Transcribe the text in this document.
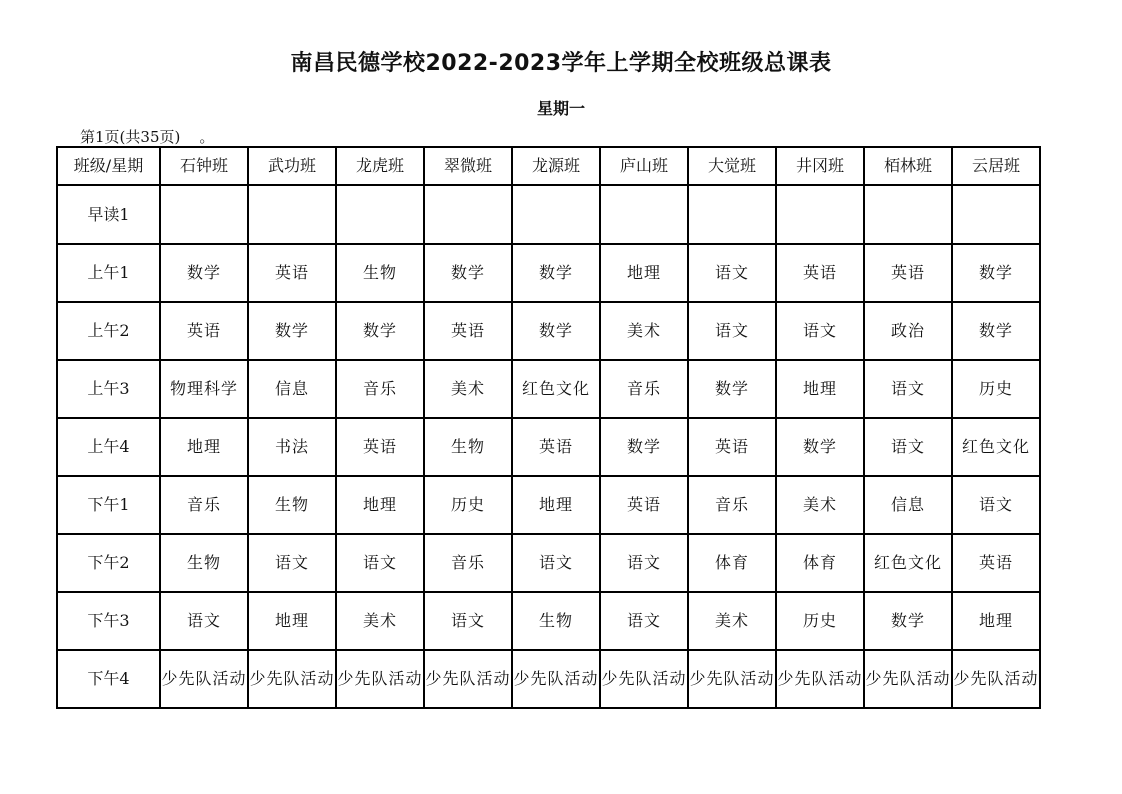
南昌民德学校2022-2023学年上学期全校班级总课表
星期一
第1页(共35页)    。
班级/星期	石钟班	武功班	龙虎班	翠微班	龙源班	庐山班	大觉班	井冈班	栢林班	云居班
早读1										
上午1	数学	英语	生物	数学	数学	地理	语文	英语	英语	数学
上午2	英语	数学	数学	英语	数学	美术	语文	语文	政治	数学
上午3	物理科学	信息	音乐	美术	红色文化	音乐	数学	地理	语文	历史
上午4	地理	书法	英语	生物	英语	数学	英语	数学	语文	红色文化
下午1	音乐	生物	地理	历史	地理	英语	音乐	美术	信息	语文
下午2	生物	语文	语文	音乐	语文	语文	体育	体育	红色文化	英语
下午3	语文	地理	美术	语文	生物	语文	美术	历史	数学	地理
下午4	少先队活动	少先队活动	少先队活动	少先队活动	少先队活动	少先队活动	少先队活动	少先队活动	少先队活动	少先队活动
